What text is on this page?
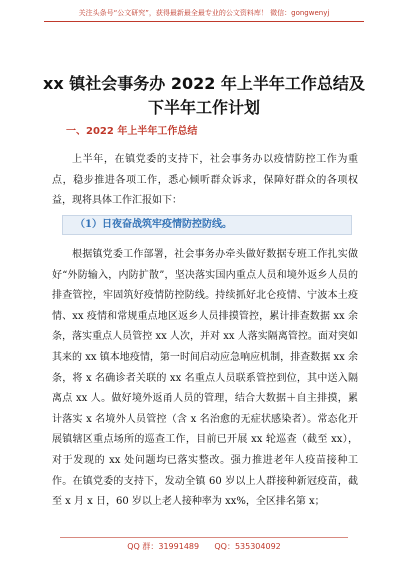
关注头条号“公文研究”，获得最新最全最专业的公文资料库！ 微信：gongwenyj
xx 镇社会事务办 2022 年上半年工作总结及下半年工作计划
一、2022 年上半年工作总结

上半年，在镇党委的支持下，社会事务办以疫情防控工作为重点，稳步推进各项工作，悉心倾听群众诉求，保障好群众的各项权益，现将具体工作汇报如下：

（1）日夜奋战筑牢疫情防控防线。

根据镇党委工作部署，社会事务办牵头做好数据专班工作扎实做好“外防输入，内防扩散”，坚决落实国内重点人员和境外返乡人员的排查管控，牢固筑好疫情防控防线。持续抓好北仑疫情、宁波本土疫情、xx 疫情和常规重点地区返乡人员排摸管控，累计排查数据 xx 余条，落实重点人员管控 xx 人次，并对 xx 人落实隔离管控。面对突如其来的 xx 镇本地疫情，第一时间启动应急响应机制，排查数据 xx 余条，将 x 名确诊者关联的 xx 名重点人员联系管控到位，其中送入隔离点 xx 人。做好境外返甬人员的管理，结合大数据＋自主排摸，累计落实 x 名境外人员管控（含 x 名治愈的无症状感染者）。常态化开展镇辖区重点场所的巡查工作，目前已开展 xx 轮巡查（截至 xx），对于发现的 xx 处问题均已落实整改。强力推进老年人疫苗接种工作。在镇党委的支持下，发动全镇 60 岁以上人群接种新冠疫苗，截至 x 月 x 日，60 岁以上老人接种率为 xx%，全区排名第 x；

QQ 群：31991489      QQ：535304092
